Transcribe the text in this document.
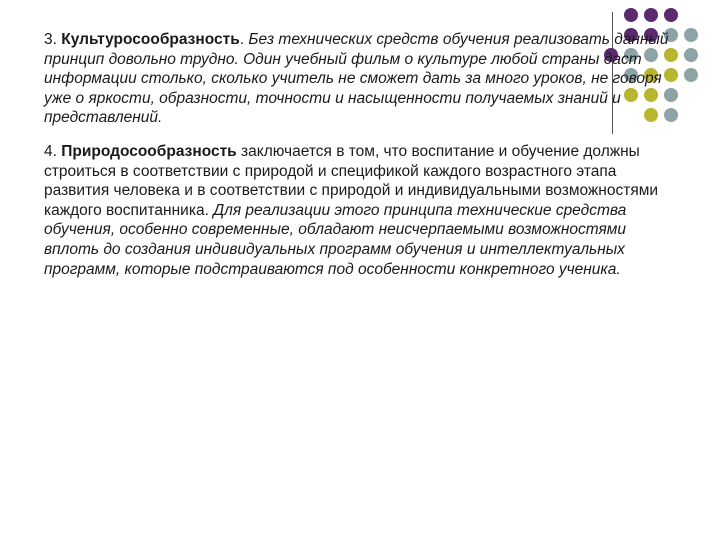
3. Культуросообразность. Без технических средств обучения реализовать данный принцип довольно трудно. Один учебный фильм о культуре любой страны даст информации столько, сколько учитель не сможет дать за много уроков, не говоря уже о яркости, образности, точности и насыщенности получаемых знаний и представлений.

4. Природосообразность заключается в том, что воспитание и обучение должны строиться в соответствии с природой и спецификой каждого возрастного этапа развития человека и в соответствии с природой и индивидуальными возможностями каждого воспитанника. Для реализации этого принципа технические средства обучения, особенно современные, обладают неисчерпаемыми возможностями вплоть до создания индивидуальных программ обучения и интеллектуальных программ, которые подстраиваются под особенности конкретного ученика.
